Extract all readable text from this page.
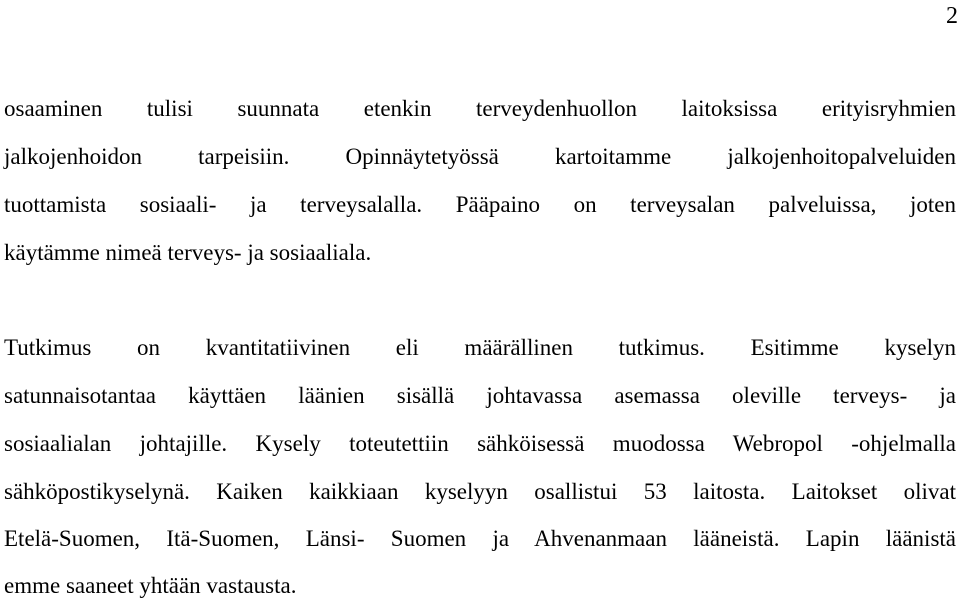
2
osaaminen tulisi suunnata etenkin terveydenhuollon laitoksissa erityisryhmien
jalkojenhoidon tarpeisiin. Opinnäytetyössä kartoitamme jalkojenhoitopalveluiden
tuottamista sosiaali- ja terveysalalla. Pääpaino on terveysalan palveluissa, joten
käytämme nimeä terveys- ja sosiaaliala.
Tutkimus on kvantitatiivinen eli määrällinen tutkimus. Esitimme kyselyn
satunnaisotantaa käyttäen läänien sisällä johtavassa asemassa oleville terveys- ja
sosiaalialan johtajille. Kysely toteutettiin sähköisessä muodossa Webropol -ohjelmalla
sähköpostikyselynä. Kaiken kaikkiaan kyselyyn osallistui 53 laitosta. Laitokset olivat
Etelä-Suomen, Itä-Suomen, Länsi- Suomen ja Ahvenanmaan lääneistä. Lapin läänistä
emme saaneet yhtään vastausta.
